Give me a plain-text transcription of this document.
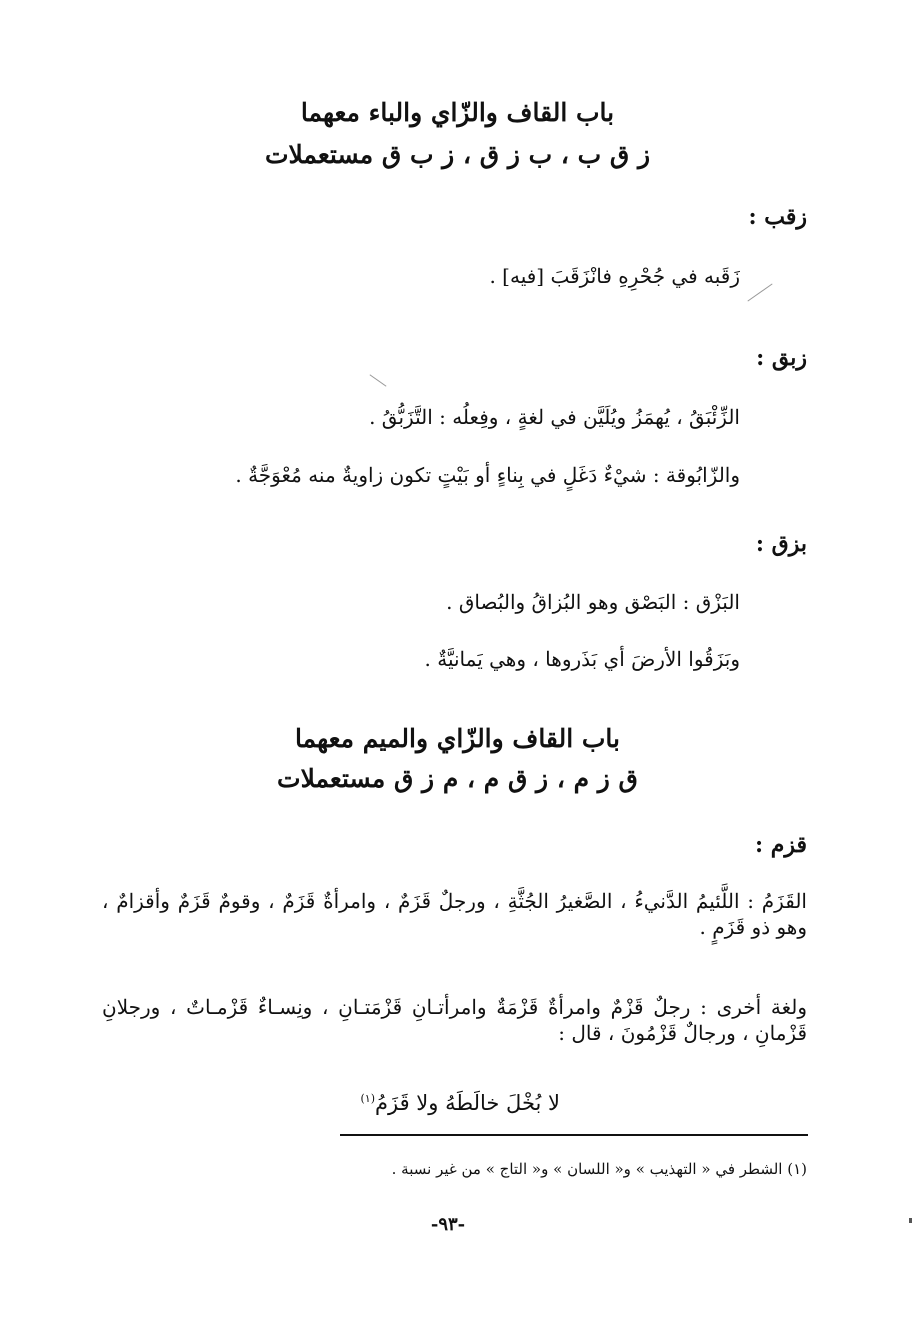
باب القاف والزّاي والباء معهما
ز ق ب ، ب ز ق ، ز ب ق مستعملات
زقب :
زَقَبه في جُحْرِهِ فانْزَقَبَ [فيه] .
زبق :
الزِّئْبَقُ ، يُهمَزُ ويُلَيَّن في لغةٍ ، وفِعلُه : التَّزَبُّقُ .
والزّابُوقة : شيْءٌ دَغَلٍ في بِناءٍ أو بَيْتٍ تكون زاويةٌ منه مُعْوَجَّةٌ .
بزق :
البَزْق : البَصْق وهو البُزاقُ والبُصاق .
وبَزَقُوا الأرضَ أي بَذَروها ، وهي يَمانيَّةٌ .
باب القاف والزّاي والميم معهما
ق ز م ، ز ق م ، م ز ق مستعملات
قزم :
القَزَمُ : اللَّئيمُ الدَّنيءُ ، الصَّغيرُ الجُثَّةِ ، ورجلٌ قَزَمٌ ، وامرأةٌ قَزَمٌ ، وقومٌ قَزَمٌ وأقزامٌ ، وهو ذو قَزَمٍ .
ولغة أخرى : رجلٌ قَزْمٌ وامرأةٌ قَزْمَةٌ وامرأتـانِ قَزْمَتـانِ ، ونِسـاءٌ قَزْمـاتٌ ، ورجلانِ قَزْمانِ ، ورجالٌ قَزْمُونَ ، قال :
لا بُخْلَ خالَطَهُ ولا قَزَمُ$^{(١)}$
(١) الشطر في « التهذيب » و« اللسان » و« التاج » من غير نسبة .
-٩٣-
